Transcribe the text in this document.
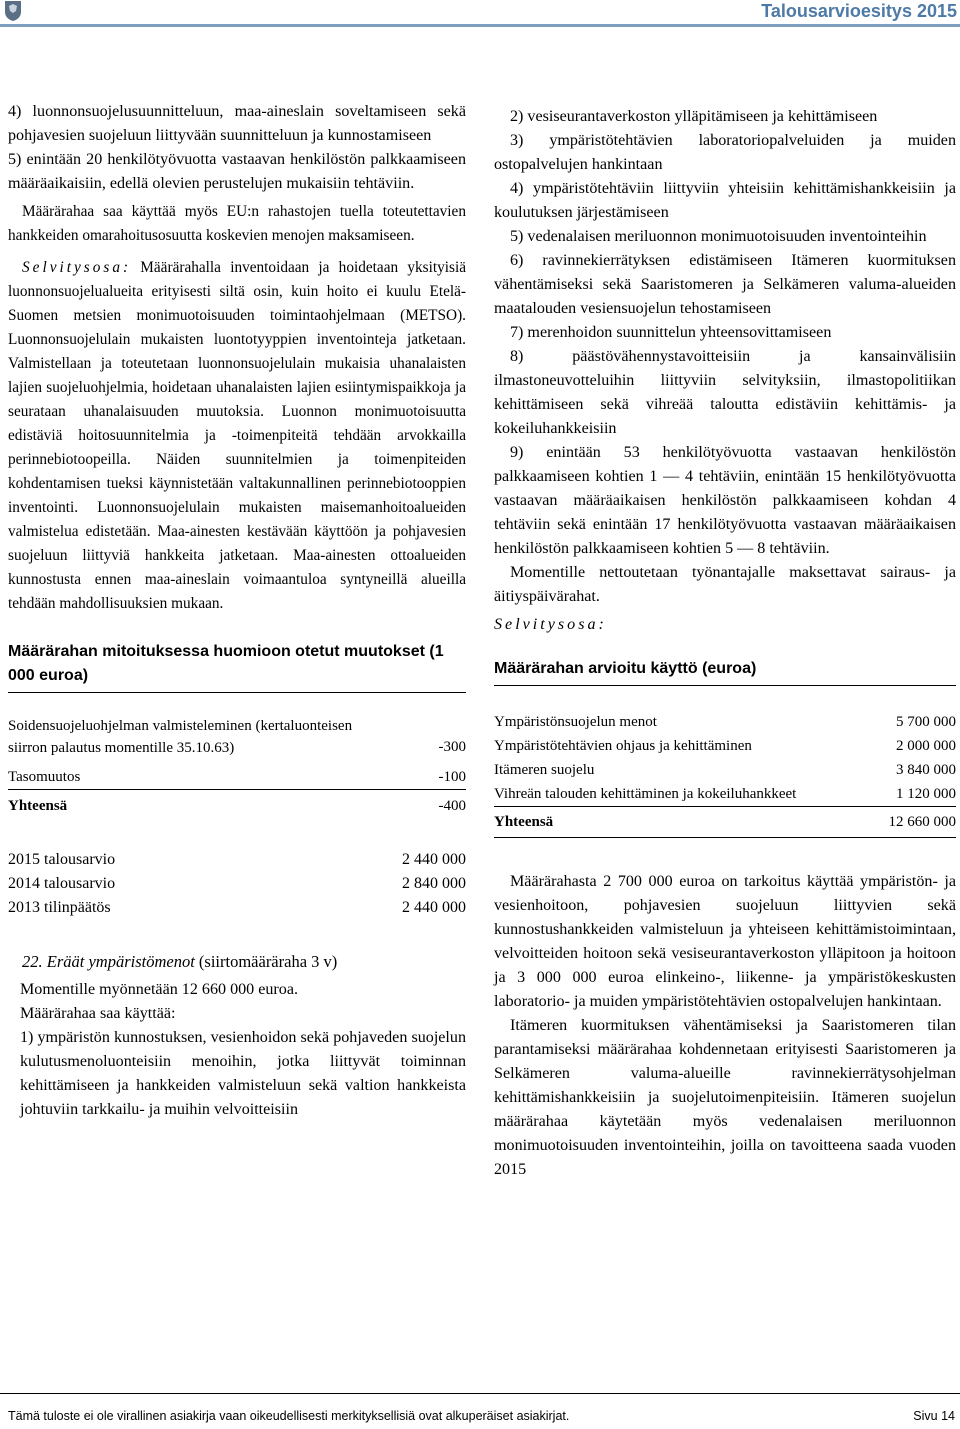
Talousarvioesitys 2015

4) luonnonsuojelusuunnitteluun, maa-aineslain soveltamiseen sekä pohjavesien suojeluun liittyvään suunnitteluun ja kunnostamiseen

5) enintään 20 henkilötyövuotta vastaavan henkilöstön palkkaamiseen määräaikaisiin, edellä olevien perustelujen mukaisiin tehtäviin.

Määrärahaa saa käyttää myös EU:n rahastojen tuella toteutettavien hankkeiden omarahoitusosuutta koskevien menojen maksamiseen.

Selvitysosa: Määrärahalla inventoidaan ja hoidetaan yksityisiä luonnonsuojelualueita erityisesti siltä osin, kuin hoito ei kuulu Etelä-Suomen metsien monimuotoisuuden toimintaohjelmaan (METSO). Luonnonsuojelulain mukaisten luontotyyppien inventointeja jatketaan. Valmistellaan ja toteutetaan luonnonsuojelulain mukaisia uhanalaisten lajien suojeluohjelmia, hoidetaan uhanalaisten lajien esiintymispaikkoja ja seurataan uhanalaisuuden muutoksia. Luonnon monimuotoisuutta edistäviä hoitosuunnitelmia ja -toimenpiteitä tehdään arvokkailla perinnebiotoopeilla. Näiden suunnitelmien ja toimenpiteiden kohdentamisen tueksi käynnistetään valtakunnallinen perinnebiotooppien inventointi. Luonnonsuojelulain mukaisten maisemanhoitoalueiden valmistelua edistetään. Maa-ainesten kestävään käyttöön ja pohjavesien suojeluun liittyviä hankkeita jatketaan. Maa-ainesten ottoalueiden kunnostusta ennen maa-aineslain voimaantuloa syntyneillä alueilla tehdään mahdollisuuksien mukaan.

Määrärahan mitoituksessa huomioon otetut muutokset (1 000 euroa)
Soidensuojeluohjelman valmisteleminen (kertaluonteisen siirron palautus momentille 35.10.63)	-300
Tasomuutos	-100
Yhteensä	-400
2015 talousarvio	2 440 000
2014 talousarvio	2 840 000
2013 tilinpäätös	2 440 000
22. Eräät ympäristömenot (siirtomääräraha 3 v)
Momentille myönnetään 12 660 000 euroa.
Määrärahaa saa käyttää:

1) ympäristön kunnostuksen, vesienhoidon sekä pohjaveden suojelun kulutusmenoluonteisiin menoihin, jotka liittyvät toiminnan kehittämiseen ja hankkeiden valmisteluun sekä valtion hankkeista johtuviin tarkkailu- ja muihin velvoitteisiin

2) vesiseurantaverkoston ylläpitämiseen ja kehittämiseen

3) ympäristötehtävien laboratoriopalveluiden ja muiden ostopalvelujen hankintaan

4) ympäristötehtäviin liittyviin yhteisiin kehittämishankkeisiin ja koulutuksen järjestämiseen

5) vedenalaisen meriluonnon monimuotoisuuden inventointeihin

6) ravinnekierrätyksen edistämiseen Itämeren kuormituksen vähentämiseksi sekä Saaristomeren ja Selkämeren valuma-alueiden maatalouden vesiensuojelun tehostamiseen

7) merenhoidon suunnittelun yhteensovittamiseen

8) päästövähennystavoitteisiin ja kansainvälisiin ilmastoneuvotteluihin liittyviin selvityksiin, ilmastopolitiikan kehittämiseen sekä vihreää taloutta edistäviin kehittämis- ja kokeiluhankkeisiin

9) enintään 53 henkilötyövuotta vastaavan henkilöstön palkkaamiseen kohtien 1 — 4 tehtäviin, enintään 15 henkilötyövuotta vastaavan määräaikaisen henkilöstön palkkaamiseen kohdan 4 tehtäviin sekä enintään 17 henkilötyövuotta vastaavan määräaikaisen henkilöstön palkkaamiseen kohtien 5 — 8 tehtäviin.

Momentille nettoutetaan työnantajalle maksettavat sairaus- ja äitiyspäivärahat.

Selvitysosa:
Määrärahan arvioitu käyttö (euroa)
Ympäristönsuojelun menot	5 700 000
Ympäristötehtävien ohjaus ja kehittäminen	2 000 000
Itämeren suojelu	3 840 000
Vihreän talouden kehittäminen ja kokeiluhankkeet	1 120 000
Yhteensä	12 660 000

Määrärahasta 2 700 000 euroa on tarkoitus käyttää ympäristön- ja vesienhoitoon, pohjavesien suojeluun liittyvien sekä kunnostushankkeiden valmisteluun ja yhteiseen kehittämistoimintaan, velvoitteiden hoitoon sekä vesiseurantaverkoston ylläpitoon ja hoitoon ja 3 000 000 euroa elinkeino-, liikenne- ja ympäristökeskusten laboratorio- ja muiden ympäristötehtävien ostopalvelujen hankintaan.

Itämeren kuormituksen vähentämiseksi ja Saaristomeren tilan parantamiseksi määrärahaa kohdennetaan erityisesti Saaristomeren ja Selkämeren valuma-alueille ravinnekierrätysohjelman kehittämishankkeisiin ja suojelutoimenpiteisiin. Itämeren suojelun määrärahaa käytetään myös vedenalaisen meriluonnon monimuotoisuuden inventointeihin, joilla on tavoitteena saada vuoden 2015

Tämä tuloste ei ole virallinen asiakirja vaan oikeudellisesti merkityksellisiä ovat alkuperäiset asiakirjat.	Sivu 14
